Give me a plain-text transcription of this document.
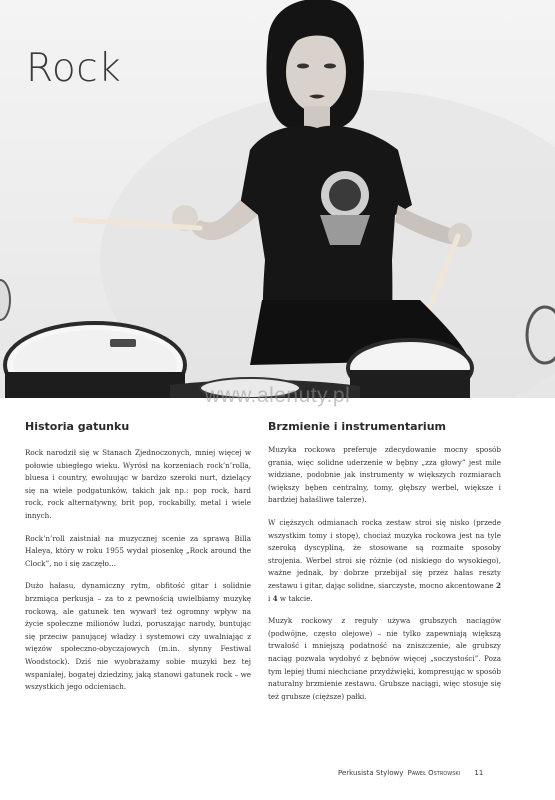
Rock
www.alenuty.pl
Historia gatunku

Rock narodził się w Stanach Zjednoczonych, mniej więcej w połowie ubiegłego wieku. Wyrósł na korzeniach rock’n’rolla, bluesa i country, ewoluując w bardzo szeroki nurt, dzielący się na wiele podgatunków, takich jak np.: pop rock, hard rock, rock alternatywny, brit pop, rockabilly, metal i wiele innych.

Rock’n’roll zaistniał na muzycznej scenie za sprawą Billa Haleya, który w roku 1955 wydał piosenkę „Rock around the Clock”, no i się zaczęło…

Dużo hałasu, dynamiczny rytm, obfitość gitar i solidnie brzmiąca perkusja – za to z pewnością uwielbiamy muzykę rockową, ale gatunek ten wywarł też ogromny wpływ na życie społeczne milionów ludzi, poruszając narody, buntując się przeciw panującej władzy i systemowi czy uwalniając z więzów społeczno-obyczajowych (m.in. słynny Festiwal Woodstock). Dziś nie wyobrażamy sobie muzyki bez tej wspaniałej, bogatej dziedziny, jaką stanowi gatunek rock – we wszystkich jego odcieniach.

Brzmienie i instrumentarium

Muzyka rockowa preferuje zdecydowanie mocny sposób grania, więc solidne uderzenie w bębny „zza głowy” jest mile widziane, podobnie jak instrumenty w większych rozmiarach (większy bęben centralny, tomy, głębszy werbel, większe i bardziej hałaśliwe talerze).

W cięższych odmianach rocka zestaw stroi się nisko (przede wszystkim tomy i stopę), chociaż muzyka rockowa jest na tyle szeroką dyscypliną, że stosowane są rozmaite sposoby strojenia. Werbel stroi się różnie (od niskiego do wysokiego), ważne jednak, by dobrze przebijał się przez hałas reszty zestawu i gitar, dając solidne, siarczyste, mocno akcentowane 2 i 4 w takcie.

Muzyk rockowy z reguły używa grubszych naciągów (podwójne, często olejowe) – nie tylko zapewniają większą trwałość i mniejszą podatność na zniszczenie, ale grubszy naciąg pozwala wydobyć z bębnów więcej „soczystości”. Poza tym lepiej tłumi niechciane przydźwięki, kompresując w sposób naturalny brzmienie zestawu. Grubsze naciągi, więc stosuje się też grubsze (cięższe) pałki.

Perkusista Stylowy Paweł Ostrowski 11
